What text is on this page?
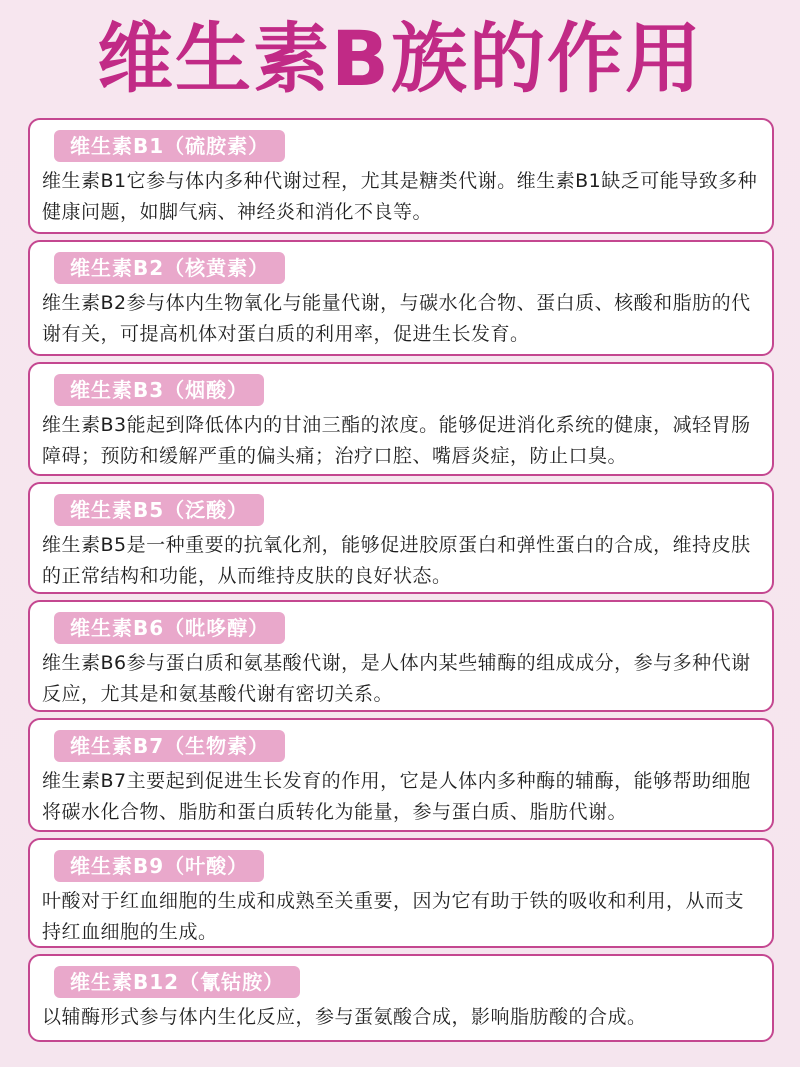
维生素B族的作用
维生素B1（硫胺素）
维生素B1它参与体内多种代谢过程，尤其是糖类代谢。维生素B1缺乏可能导致多种健康问题，如脚气病、神经炎和消化不良等。
维生素B2（核黄素）
维生素B2参与体内生物氧化与能量代谢，与碳水化合物、蛋白质、核酸和脂肪的代谢有关，可提高机体对蛋白质的利用率，促进生长发育。
维生素B3（烟酸）
维生素B3能起到降低体内的甘油三酯的浓度。能够促进消化系统的健康，减轻胃肠障碍；预防和缓解严重的偏头痛；治疗口腔、嘴唇炎症，防止口臭。
维生素B5（泛酸）
维生素B5是一种重要的抗氧化剂，能够促进胶原蛋白和弹性蛋白的合成，维持皮肤的正常结构和功能，从而维持皮肤的良好状态。
维生素B6（吡哆醇）
维生素B6参与蛋白质和氨基酸代谢，是人体内某些辅酶的组成成分，参与多种代谢反应，尤其是和氨基酸代谢有密切关系。
维生素B7（生物素）
维生素B7主要起到促进生长发育的作用，它是人体内多种酶的辅酶，能够帮助细胞将碳水化合物、脂肪和蛋白质转化为能量，参与蛋白质、脂肪代谢。
维生素B9（叶酸）
叶酸对于红血细胞的生成和成熟至关重要，因为它有助于铁的吸收和利用，从而支持红血细胞的生成。
维生素B12（氰钴胺）
以辅酶形式参与体内生化反应，参与蛋氨酸合成，影响脂肪酸的合成。
